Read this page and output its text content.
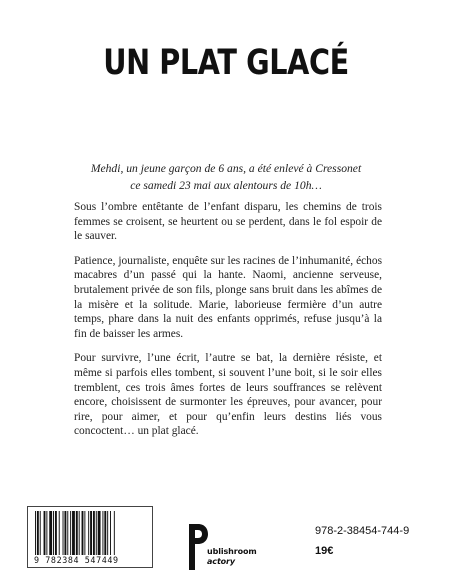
UN PLAT GLACÉ
Mehdi, un jeune garçon de 6 ans, a été enlevé à Cressonet
ce samedi 23 mai aux alentours de 10h…

Sous l’ombre entêtante de l’enfant disparu, les chemins de trois femmes se croisent, se heurtent ou se perdent, dans le fol espoir de le sauver.

Patience, journaliste, enquête sur les racines de l’inhumanité, échos macabres d’un passé qui la hante. Naomi, ancienne serveuse, brutalement privée de son fils, plonge sans bruit dans les abîmes de la misère et la solitude. Marie, laborieuse fermière d’un autre temps, phare dans la nuit des enfants opprimés, refuse jusqu’à la fin de baisser les armes.

Pour survivre, l’une écrit, l’autre se bat, la dernière résiste, et même si parfois elles tombent, si souvent l’une boit, si le soir elles tremblent, ces trois âmes fortes de leurs souffrances se relèvent encore, choisissent de surmonter les épreuves, pour avancer, pour rire, pour aimer, et pour qu’enfin leurs destins liés vous concoctent… un plat glacé.

9 782384 547449
ublishroom
actory
978-2-38454-744-9
19€
